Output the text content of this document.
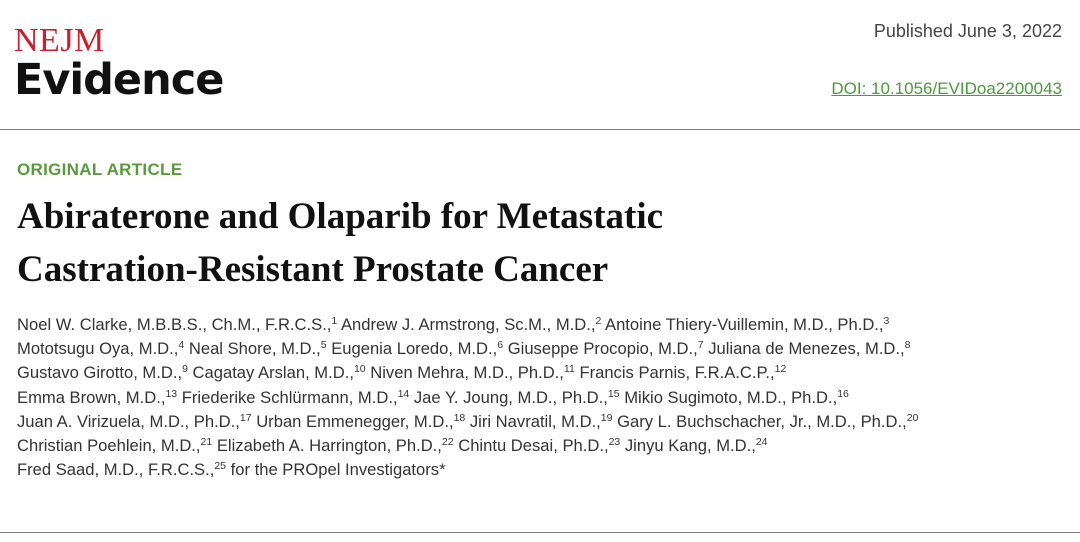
NEJM
Evidence
Published June 3, 2022
DOI: 10.1056/EVIDoa2200043
ORIGINAL ARTICLE
Abiraterone and Olaparib for Metastatic
Castration-Resistant Prostate Cancer

Noel W. Clarke, M.B.B.S., Ch.M., F.R.C.S.,$^1$ Andrew J. Armstrong, Sc.M., M.D.,$^2$ Antoine Thiery-Vuillemin, M.D., Ph.D.,$^3$
Mototsugu Oya, M.D.,$^4$ Neal Shore, M.D.,$^5$ Eugenia Loredo, M.D.,$^6$ Giuseppe Procopio, M.D.,$^7$ Juliana de Menezes, M.D.,$^8$
Gustavo Girotto, M.D.,$^9$ Cagatay Arslan, M.D.,$^{10}$ Niven Mehra, M.D., Ph.D.,$^{11}$ Francis Parnis, F.R.A.C.P.,$^{12}$
Emma Brown, M.D.,$^{13}$ Friederike Schlürmann, M.D.,$^{14}$ Jae Y. Joung, M.D., Ph.D.,$^{15}$ Mikio Sugimoto, M.D., Ph.D.,$^{16}$
Juan A. Virizuela, M.D., Ph.D.,$^{17}$ Urban Emmenegger, M.D.,$^{18}$ Jiri Navratil, M.D.,$^{19}$ Gary L. Buchschacher, Jr., M.D., Ph.D.,$^{20}$
Christian Poehlein, M.D.,$^{21}$ Elizabeth A. Harrington, Ph.D.,$^{22}$ Chintu Desai, Ph.D.,$^{23}$ Jinyu Kang, M.D.,$^{24}$
Fred Saad, M.D., F.R.C.S.,$^{25}$ for the PROpel Investigators*
